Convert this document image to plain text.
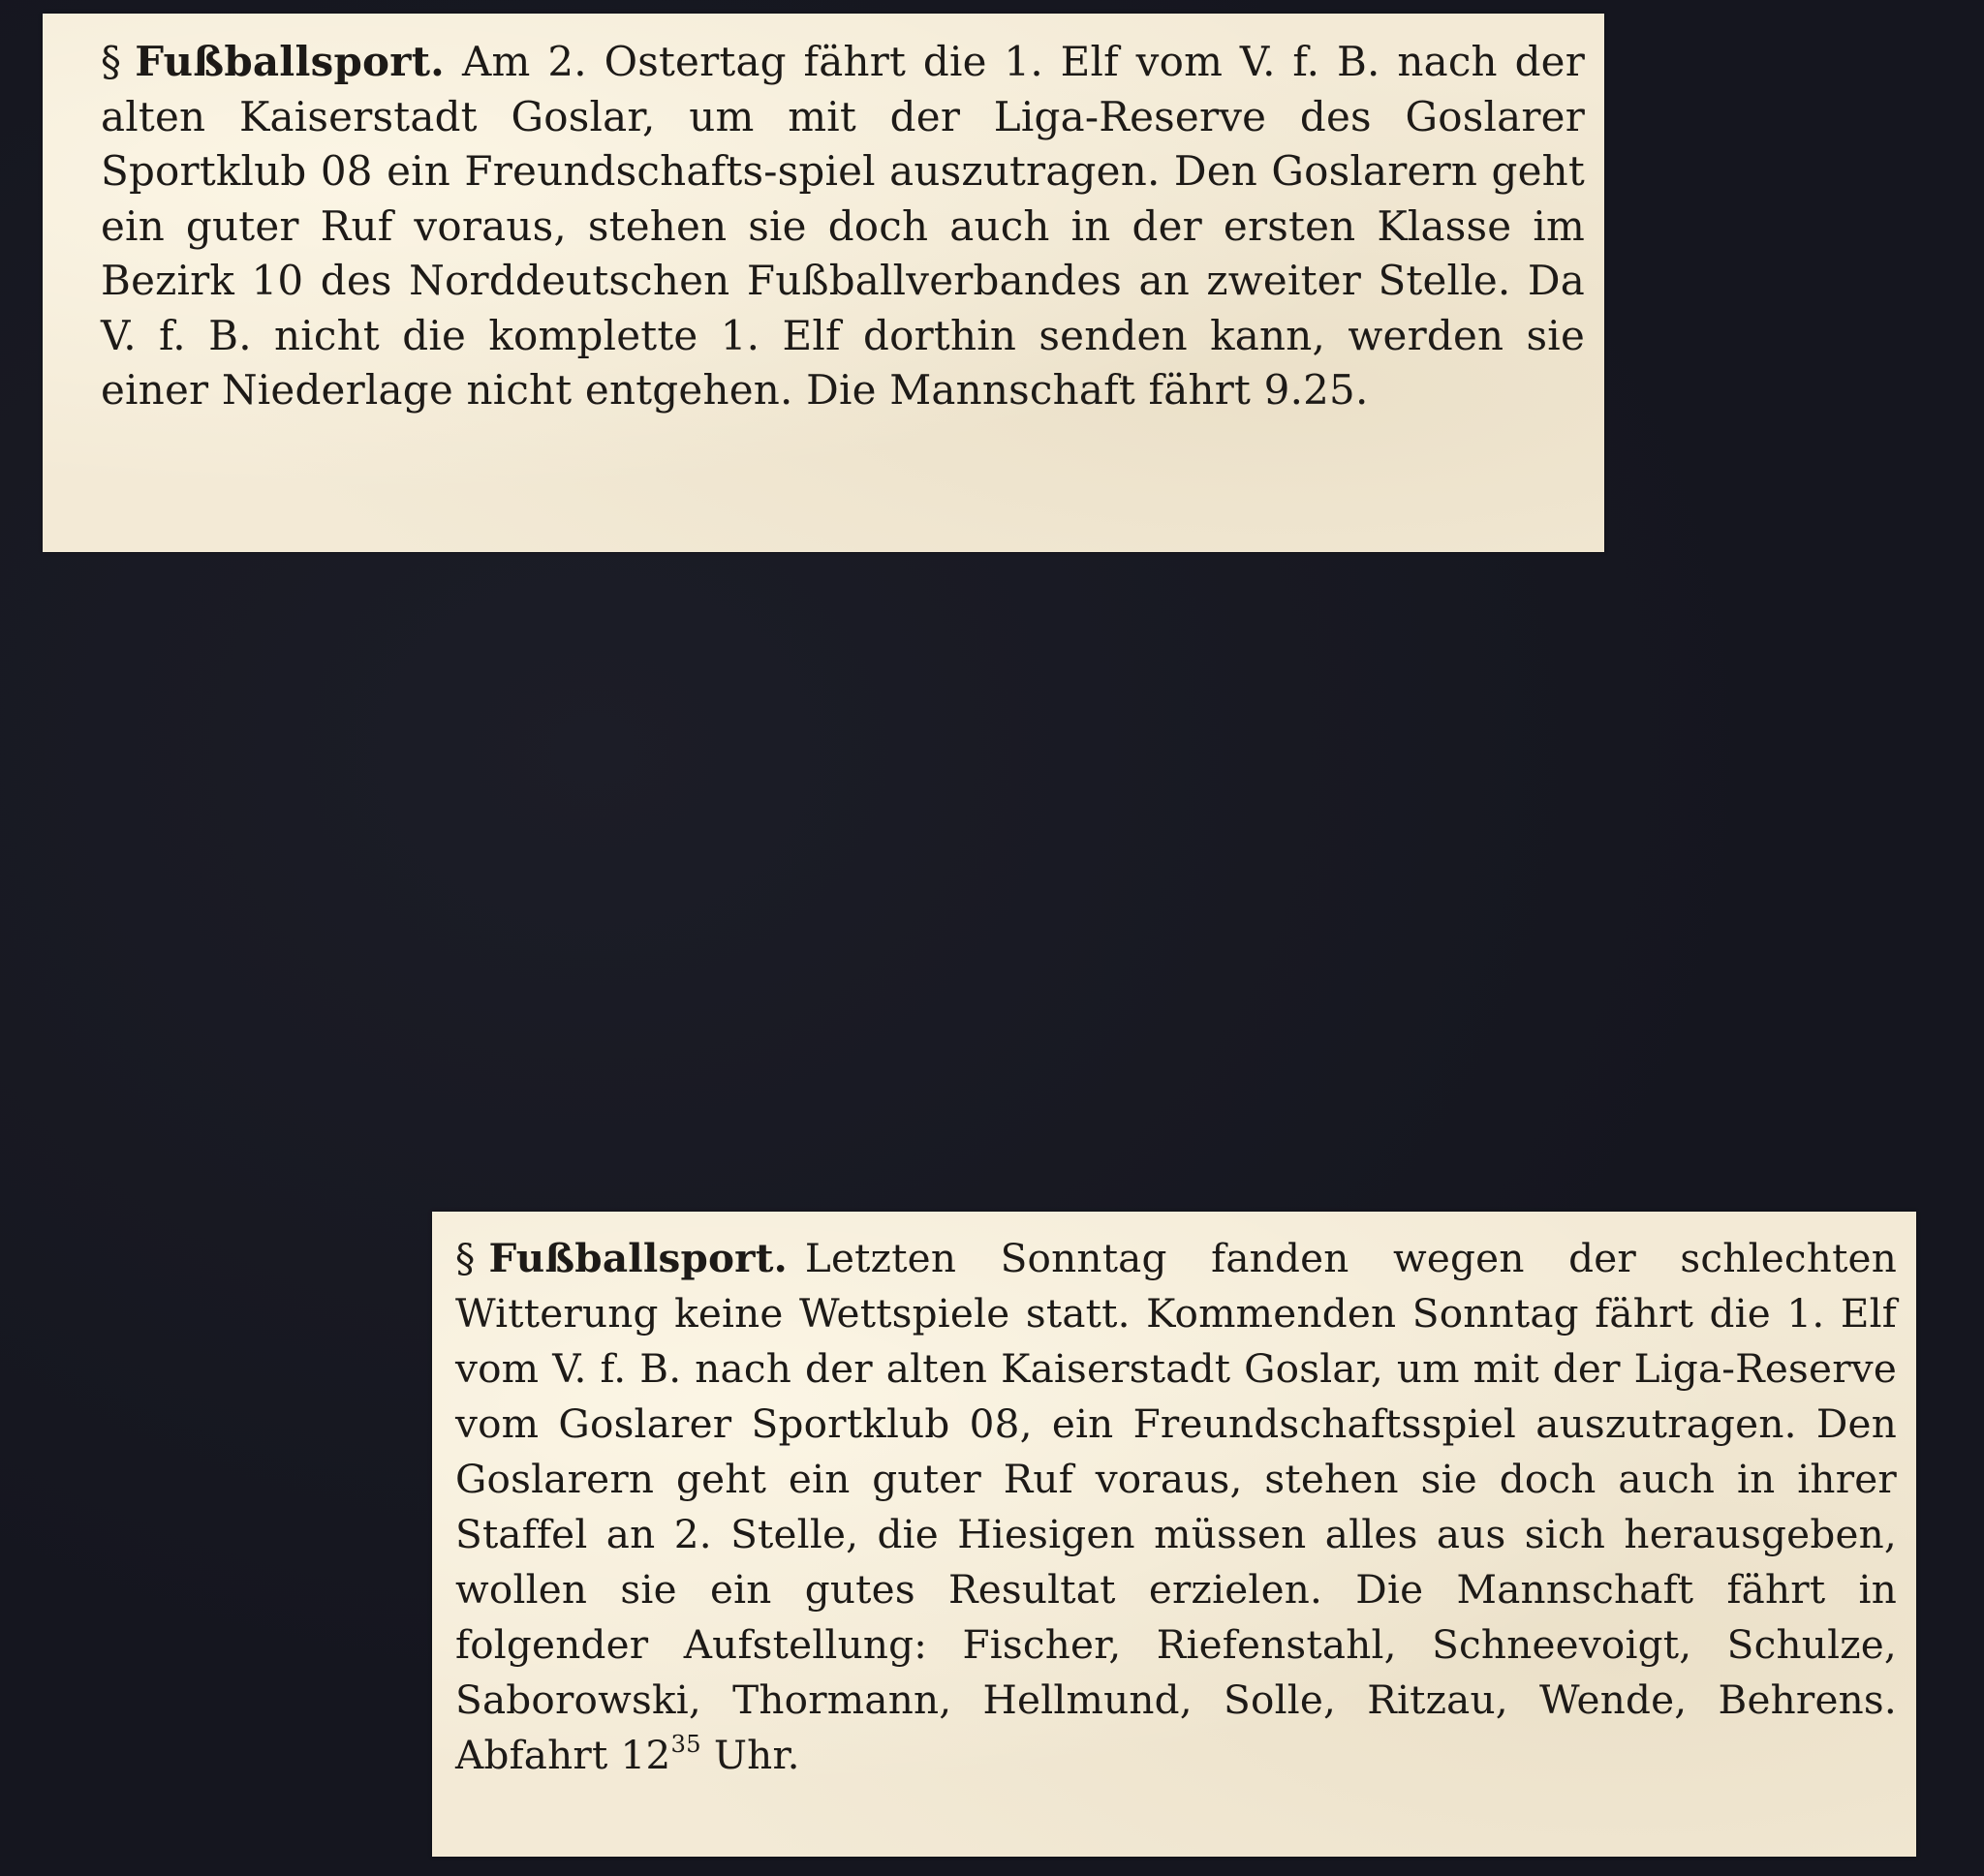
§ Fußballsport. Am 2. Ostertag fährt die 1. Elf vom V. f. B. nach der alten Kaiserstadt Goslar, um mit der Liga-Reserve des Goslarer Sportklub 08 ein Freundschafts-spiel auszutragen. Den Goslarern geht ein guter Ruf voraus, stehen sie doch auch in der ersten Klasse im Bezirk 10 des Norddeutschen Fußballverbandes an zweiter Stelle. Da V. f. B. nicht die komplette 1. Elf dorthin senden kann, werden sie einer Niederlage nicht entgehen. Die Mannschaft fährt 9.25.

§ Fußballsport. Letzten Sonntag fanden wegen der schlechten Witterung keine Wettspiele statt. Kommenden Sonntag fährt die 1. Elf vom V. f. B. nach der alten Kaiserstadt Goslar, um mit der Liga-Reserve vom Goslarer Sportklub 08, ein Freundschaftsspiel auszutragen. Den Goslarern geht ein guter Ruf voraus, stehen sie doch auch in ihrer Staffel an 2. Stelle, die Hiesigen müssen alles aus sich herausgeben, wollen sie ein gutes Resultat erzielen. Die Mannschaft fährt in folgender Aufstellung: Fischer, Riefenstahl, Schneevoigt, Schulze, Saborowski, Thormann, Hellmund, Solle, Ritzau, Wende, Behrens. Abfahrt $12^{35}$ Uhr.
